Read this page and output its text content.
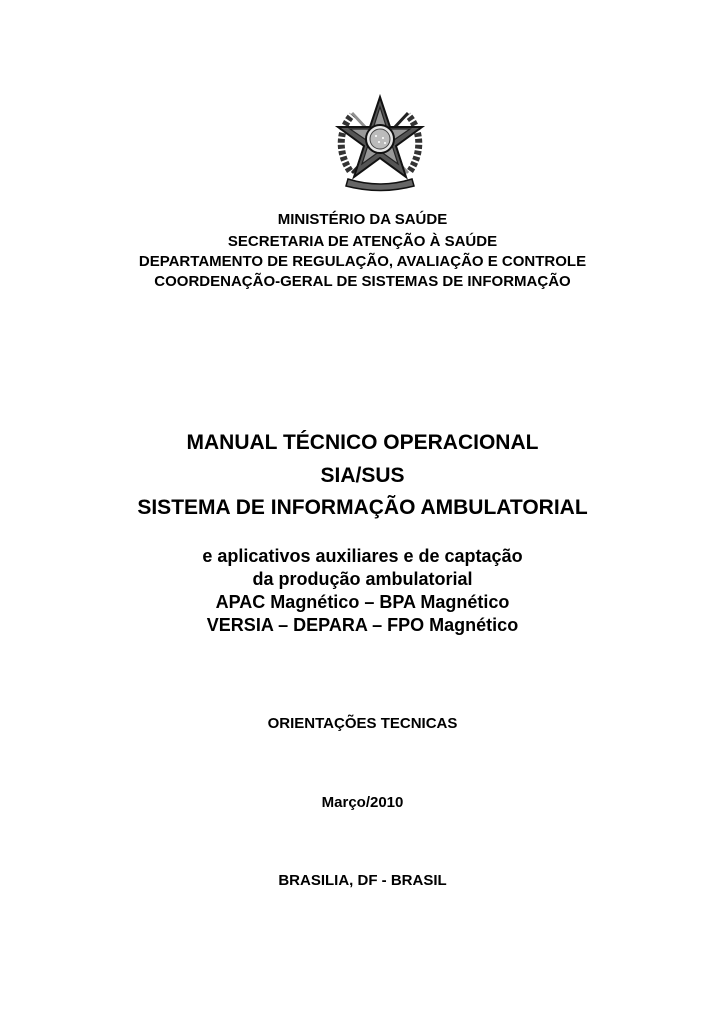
MINISTÉRIO DA SAÚDE
SECRETARIA DE ATENÇÃO À SAÚDE
DEPARTAMENTO DE REGULAÇÃO, AVALIAÇÃO E CONTROLE
COORDENAÇÃO-GERAL DE SISTEMAS DE INFORMAÇÃO
MANUAL TÉCNICO OPERACIONAL
SIA/SUS
SISTEMA DE INFORMAÇÃO AMBULATORIAL
e aplicativos auxiliares e de captação
da produção ambulatorial
APAC Magnético – BPA Magnético
VERSIA – DEPARA – FPO Magnético
ORIENTAÇÕES TECNICAS
Março/2010
BRASILIA, DF - BRASIL
